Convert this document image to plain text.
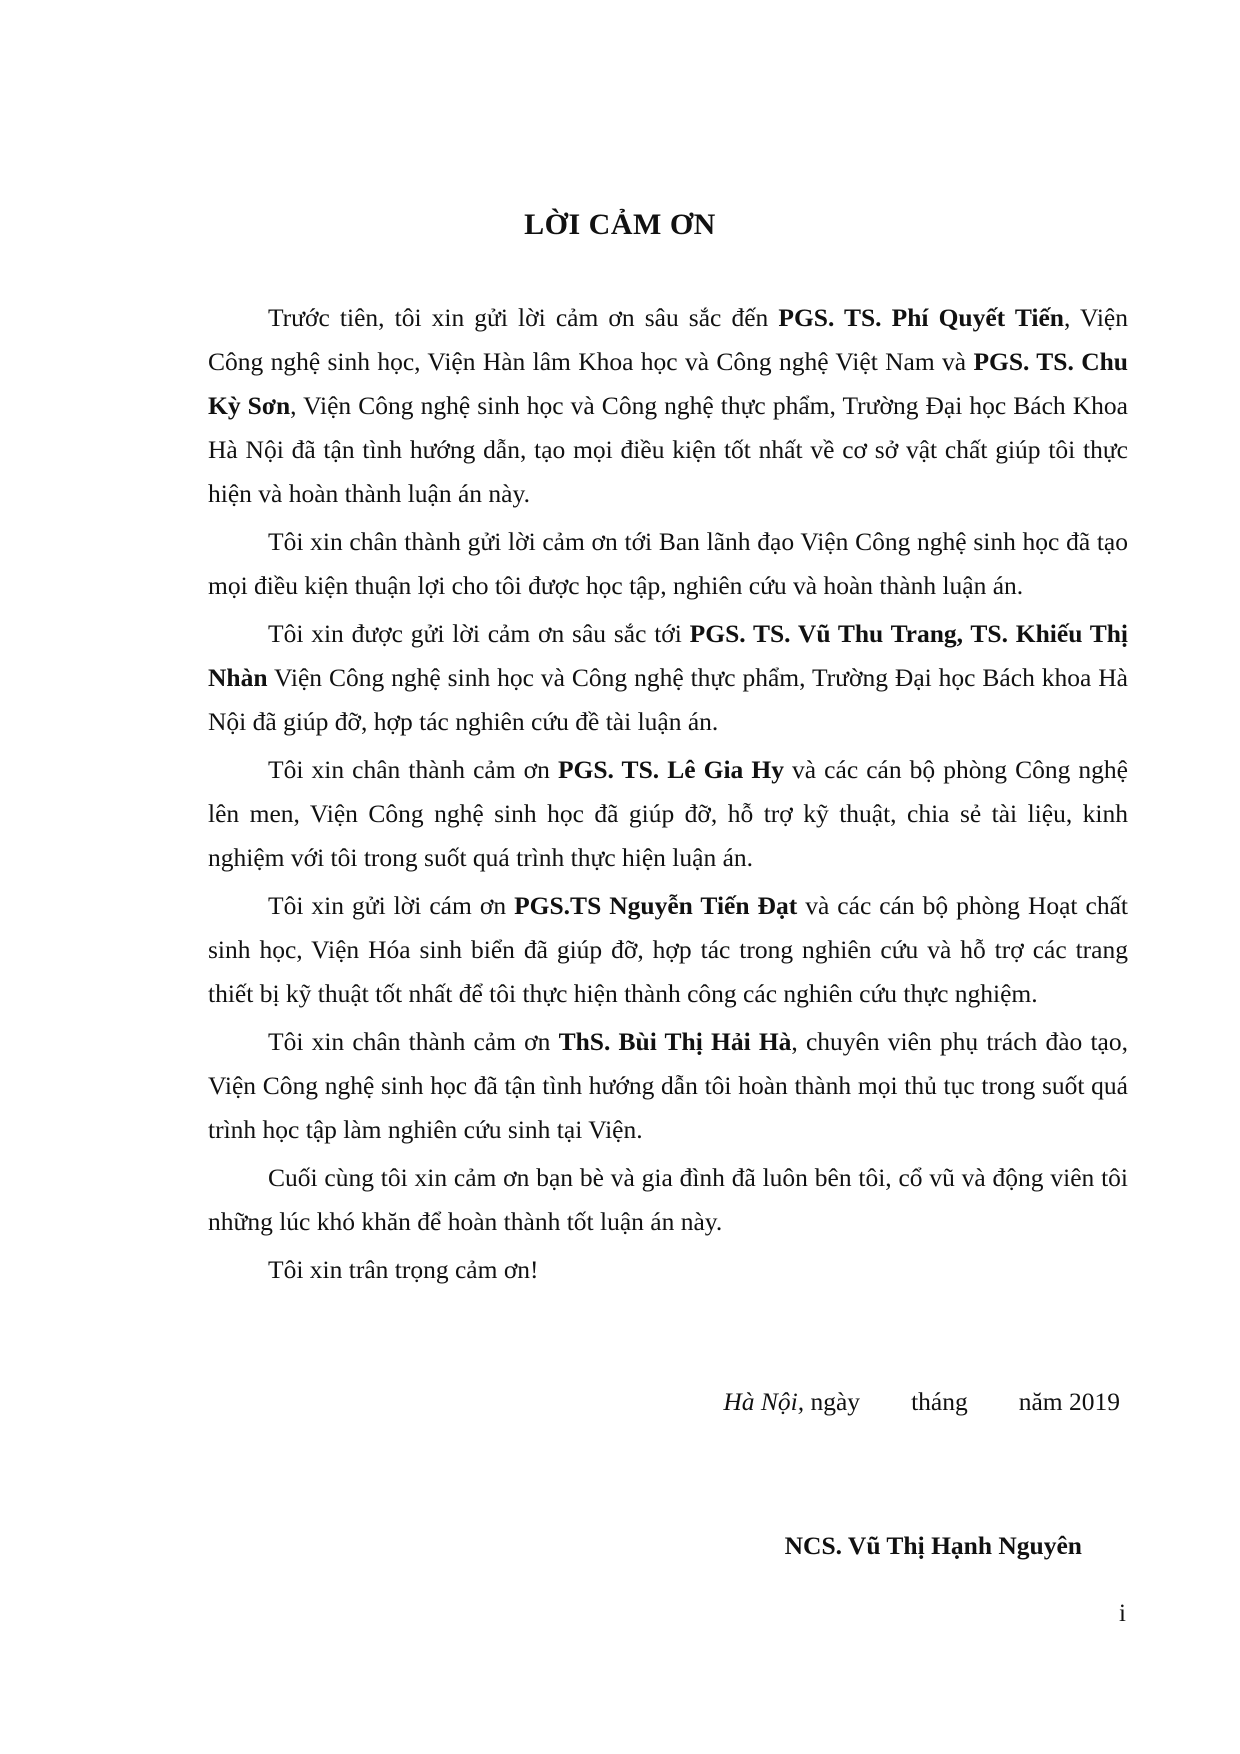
LỜI CẢM ƠN

Trước tiên, tôi xin gửi lời cảm ơn sâu sắc đến PGS. TS. Phí Quyết Tiến, Viện Công nghệ sinh học, Viện Hàn lâm Khoa học và Công nghệ Việt Nam và PGS. TS. Chu Kỳ Sơn, Viện Công nghệ sinh học và Công nghệ thực phẩm, Trường Đại học Bách Khoa Hà Nội đã tận tình hướng dẫn, tạo mọi điều kiện tốt nhất về cơ sở vật chất giúp tôi thực hiện và hoàn thành luận án này.

Tôi xin chân thành gửi lời cảm ơn tới Ban lãnh đạo Viện Công nghệ sinh học đã tạo mọi điều kiện thuận lợi cho tôi được học tập, nghiên cứu và hoàn thành luận án.

Tôi xin được gửi lời cảm ơn sâu sắc tới PGS. TS. Vũ Thu Trang, TS. Khiếu Thị Nhàn Viện Công nghệ sinh học và Công nghệ thực phẩm, Trường Đại học Bách khoa Hà Nội đã giúp đỡ, hợp tác nghiên cứu đề tài luận án.

Tôi xin chân thành cảm ơn PGS. TS. Lê Gia Hy và các cán bộ phòng Công nghệ lên men, Viện Công nghệ sinh học đã giúp đỡ, hỗ trợ kỹ thuật, chia sẻ tài liệu, kinh nghiệm với tôi trong suốt quá trình thực hiện luận án.

Tôi xin gửi lời cám ơn PGS.TS Nguyễn Tiến Đạt và các cán bộ phòng Hoạt chất sinh học, Viện Hóa sinh biển đã giúp đỡ, hợp tác trong nghiên cứu và hỗ trợ các trang thiết bị kỹ thuật tốt nhất để tôi thực hiện thành công các nghiên cứu thực nghiệm.

Tôi xin chân thành cảm ơn ThS. Bùi Thị Hải Hà, chuyên viên phụ trách đào tạo, Viện Công nghệ sinh học đã tận tình hướng dẫn tôi hoàn thành mọi thủ tục trong suốt quá trình học tập làm nghiên cứu sinh tại Viện.

Cuối cùng tôi xin cảm ơn bạn bè và gia đình đã luôn bên tôi, cổ vũ và động viên tôi những lúc khó khăn để hoàn thành tốt luận án này.

Tôi xin trân trọng cảm ơn!

Hà Nội, ngày tháng năm 2019
NCS. Vũ Thị Hạnh Nguyên
i
